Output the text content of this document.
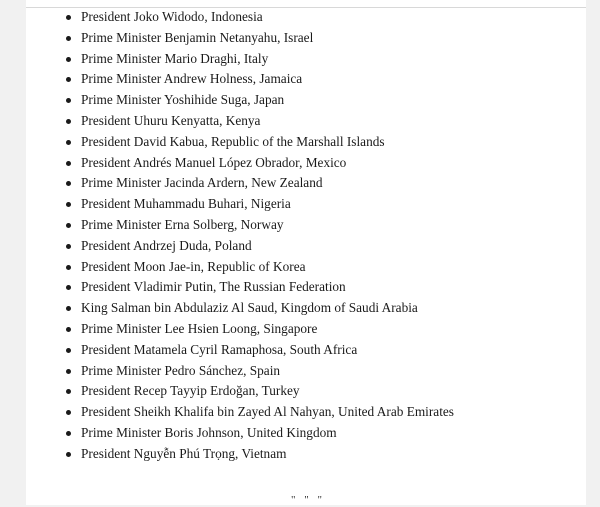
President Joko Widodo, Indonesia
Prime Minister Benjamin Netanyahu, Israel
Prime Minister Mario Draghi, Italy
Prime Minister Andrew Holness, Jamaica
Prime Minister Yoshihide Suga, Japan
President Uhuru Kenyatta, Kenya
President David Kabua, Republic of the Marshall Islands
President Andrés Manuel López Obrador, Mexico
Prime Minister Jacinda Ardern, New Zealand
President Muhammadu Buhari, Nigeria
Prime Minister Erna Solberg, Norway
President Andrzej Duda, Poland
President Moon Jae-in, Republic of Korea
President Vladimir Putin, The Russian Federation
King Salman bin Abdulaziz Al Saud, Kingdom of Saudi Arabia
Prime Minister Lee Hsien Loong, Singapore
President Matamela Cyril Ramaphosa, South Africa
Prime Minister Pedro Sánchez, Spain
President Recep Tayyip Erdoğan, Turkey
President Sheikh Khalifa bin Zayed Al Nahyan, United Arab Emirates
Prime Minister Boris Johnson, United Kingdom
President Nguyễn Phú Trọng, Vietnam
" " "
